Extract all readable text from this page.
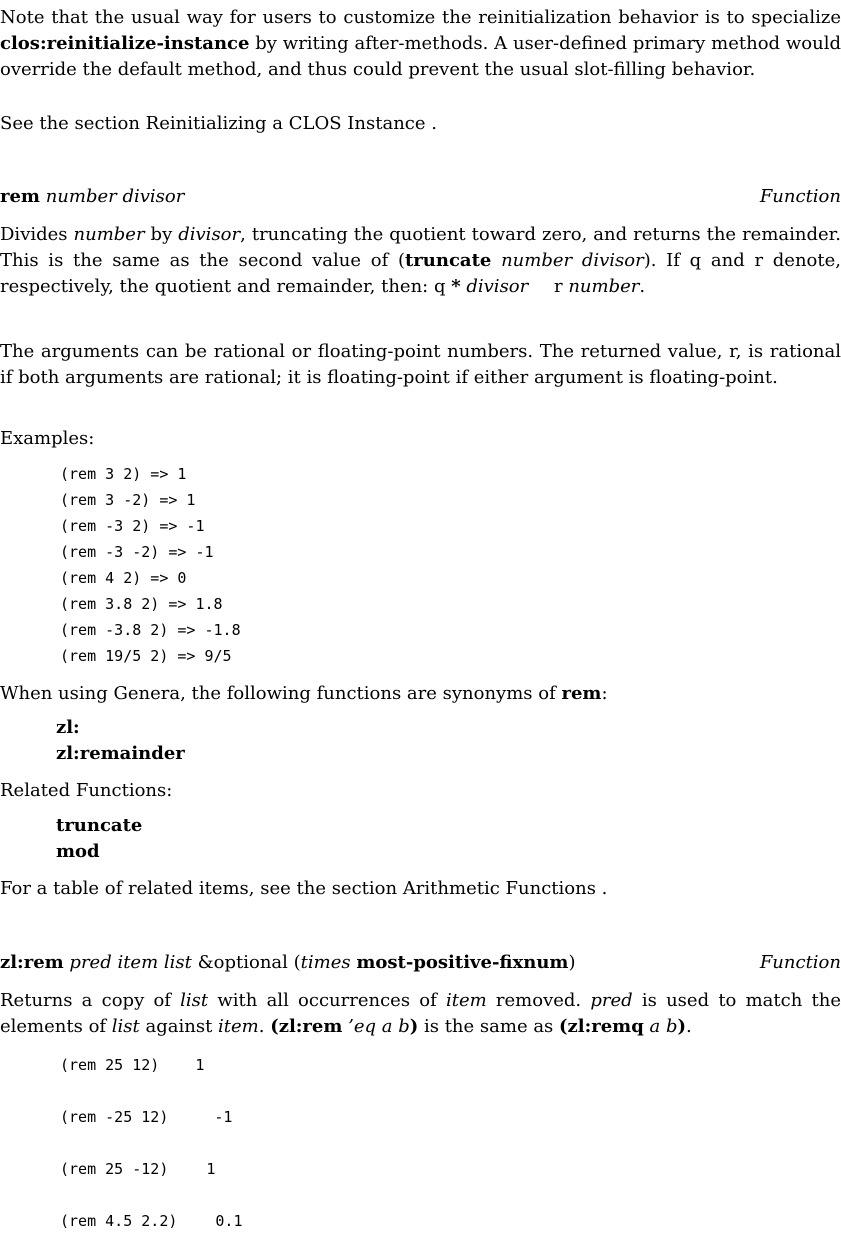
Note that the usual way for users to customize the reinitialization behavior is to specialize clos:reinitialize-instance by writing after-methods. A user-defined primary method would override the default method, and thus could prevent the usual slot-filling behavior.

See the section Reinitializing a CLOS Instance .
rem number divisor	Function

Divides number by divisor, truncating the quotient toward zero, and returns the remainder. This is the same as the second value of (truncate number divisor). If q and r denote, respectively, the quotient and remainder, then: q * divisor r number.

The arguments can be rational or floating-point numbers. The returned value, r, is rational if both arguments are rational; it is floating-point if either argument is floating-point.

Examples:
(rem 3 2) => 1
(rem 3 -2) => 1
(rem -3 2) => -1
(rem -3 -2) => -1
(rem 4 2) => 0
(rem 3.8 2) => 1.8
(rem -3.8 2) => -1.8
(rem 19/5 2) => 9/5
When using Genera, the following functions are synonyms of rem:
zl:
zl:remainder
Related Functions:
truncate
mod
For a table of related items, see the section Arithmetic Functions .
zl:rem pred item list &optional (times most-positive-fixnum)	Function

Returns a copy of list with all occurrences of item removed. pred is used to match the elements of list against item. (zl:rem ’eq a b) is the same as (zl:remq a b).

(rem 25 12) 1
(rem -25 12)	-1
(rem 25 -12)	1
(rem 4.5 2.2)	0.1
